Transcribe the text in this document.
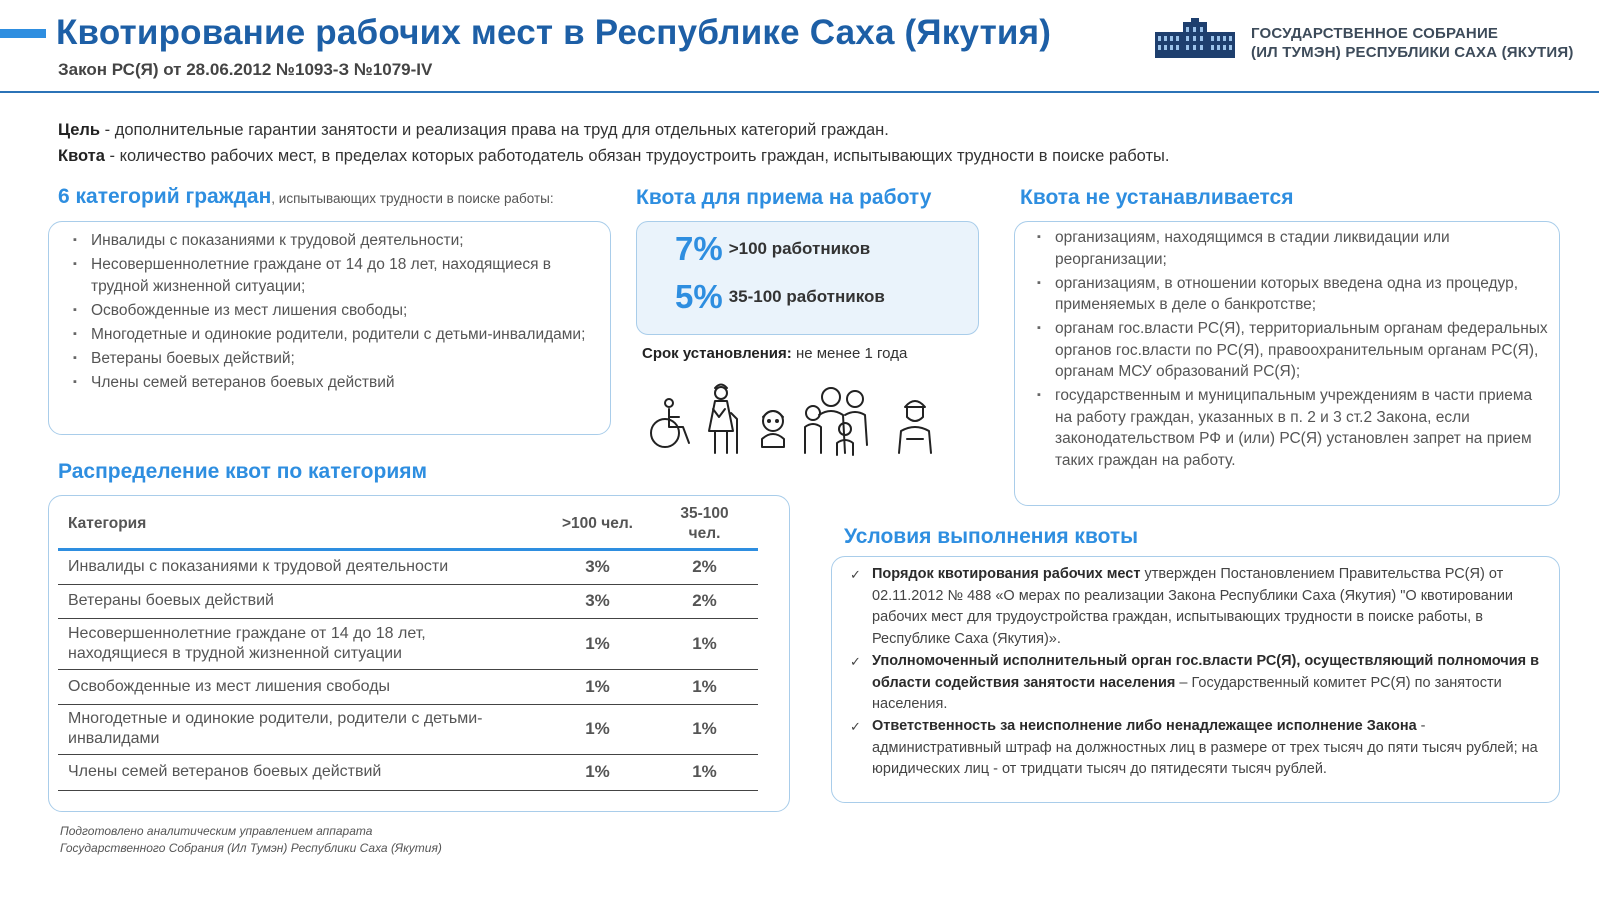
Квотирование рабочих мест в Республике Саха (Якутия)
Закон РС(Я) от 28.06.2012 №1093-З №1079-IV
ГОСУДАРСТВЕННОЕ СОБРАНИЕ
(ИЛ ТУМЭН) РЕСПУБЛИКИ САХА (ЯКУТИЯ)
Цель - дополнительные гарантии занятости и реализация права на труд для отдельных категорий граждан.
Квота - количество рабочих мест, в пределах которых работодатель обязан трудоустроить граждан, испытывающих трудности в поиске работы.
6 категорий граждан, испытывающих трудности в поиске работы:
▪ Инвалиды с показаниями к трудовой деятельности;
▪ Несовершеннолетние граждане от 14 до 18 лет, находящиеся в трудной жизненной ситуации;
▪ Освобожденные из мест лишения свободы;
▪ Многодетные и одинокие родители, родители с детьми-инвалидами;
▪ Ветераны боевых действий;
▪ Члены семей ветеранов боевых действий
Квота для приема на работу
7% >100 работников
5% 35-100 работников
Срок установления: не менее 1 года
Квота не устанавливается
▪ организациям, находящимся в стадии ликвидации или реорганизации;
▪ организациям, в отношении которых введена одна из процедур, применяемых в деле о банкротстве;
▪ органам гос.власти РС(Я), территориальным органам федеральных органов гос.власти по РС(Я), правоохранительным органам РС(Я), органам МСУ образований РС(Я);
▪ государственным и муниципальным учреждениям в части приема на работу граждан, указанных в п. 2 и 3 ст.2 Закона, если законодательством РФ и (или) РС(Я) установлен запрет на прием таких граждан на работу.
Распределение квот по категориям
Категория	>100 чел.	35-100 чел.

Инвалиды с показаниями к трудовой деятельности	3%	2%
Ветераны боевых действий	3%	2%

Несовершеннолетние граждане от 14 до 18 лет, находящиеся в трудной жизненной ситуации	1%	1%
Освобожденные из мест лишения свободы	1%	1%

Многодетные и одинокие родители, родители с детьми-инвалидами	1%	1%
Члены семей ветеранов боевых действий	1%	1%
Условия выполнения квоты
✓ Порядок квотирования рабочих мест утвержден Постановлением Правительства РС(Я) от 02.11.2012 № 488 «О мерах по реализации Закона Республики Саха (Якутия) "О квотировании рабочих мест для трудоустройства граждан, испытывающих трудности в поиске работы, в Республике Саха (Якутия)».
✓ Уполномоченный исполнительный орган гос.власти РС(Я), осуществляющий полномочия в области содействия занятости населения – Государственный комитет РС(Я) по занятости населения.
✓ Ответственность за неисполнение либо ненадлежащее исполнение Закона - административный штраф на должностных лиц в размере от трех тысяч до пяти тысяч рублей; на юридических лиц - от тридцати тысяч до пятидесяти тысяч рублей.
Подготовлено аналитическим управлением аппарата
Государственного Собрания (Ил Тумэн) Республики Саха (Якутия)
